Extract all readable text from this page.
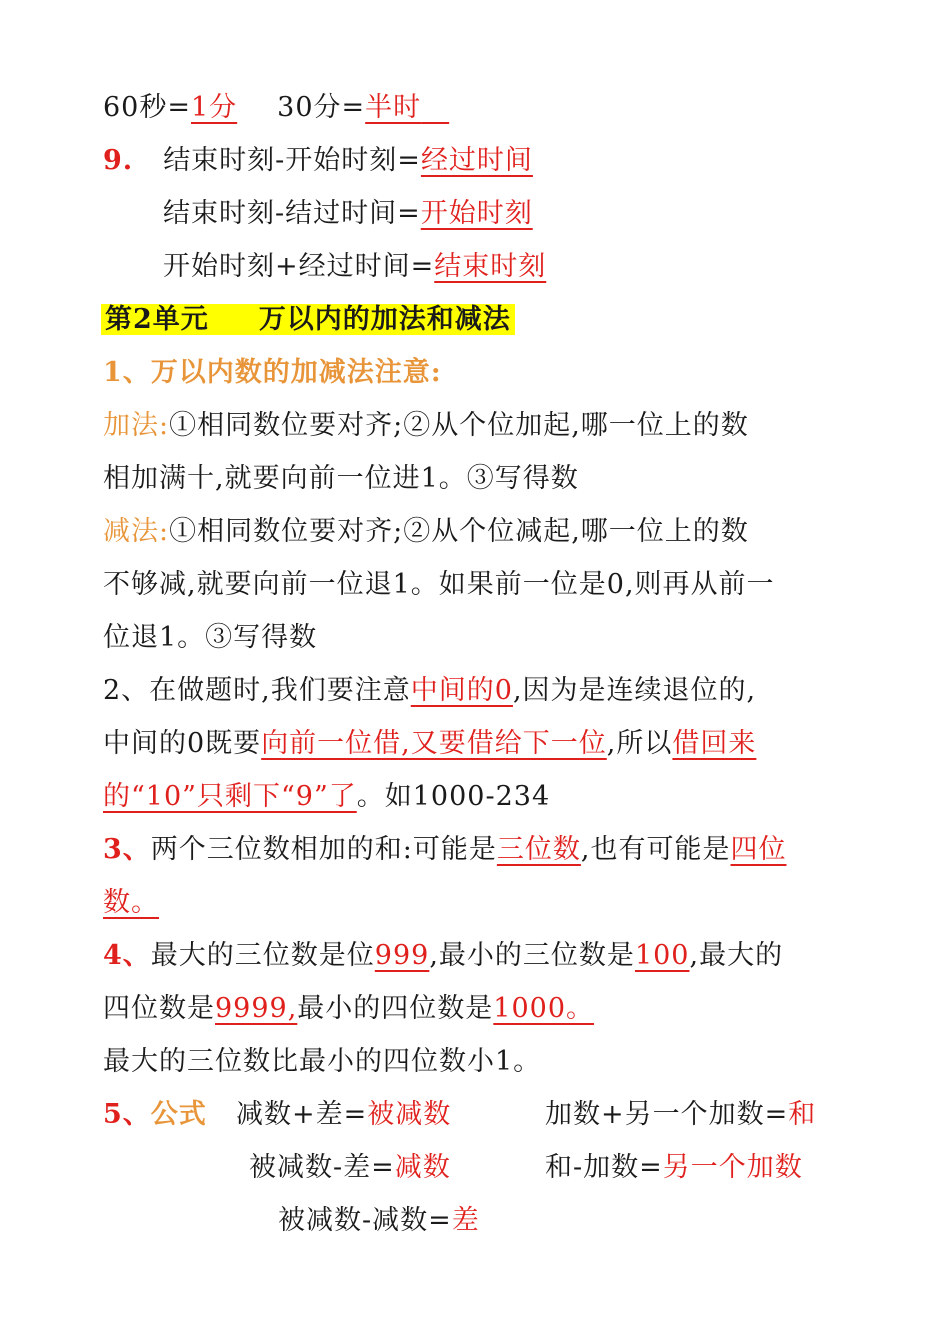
60秒=1分 30分=半时　
9. 结束时刻-开始时刻=经过时间
结束时刻-结过时间=开始时刻
开始时刻+经过时间=结束时刻
第2单元 万以内的加法和减法
1、万以内数的加减法注意:
加法:①相同数位要对齐;②从个位加起,哪一位上的数
相加满十,就要向前一位进1。③写得数
减法:①相同数位要对齐;②从个位减起,哪一位上的数
不够减,就要向前一位退1。如果前一位是0,则再从前一
位退1。③写得数
2、在做题时,我们要注意中间的0,因为是连续退位的,
中间的0既要向前一位借,又要借给下一位,所以借回来
的“10”只剩下“9”了。如1000-234
3、两个三位数相加的和:可能是三位数,也有可能是四位
数。
4、最大的三位数是位999,最小的三位数是100,最大的
四位数是9999,最小的四位数是1000。
最大的三位数比最小的四位数小1。
5、公式 减数+差=被减数	加数+另一个加数=和
被减数-差=减数	和-加数=另一个加数
被减数-减数=差
